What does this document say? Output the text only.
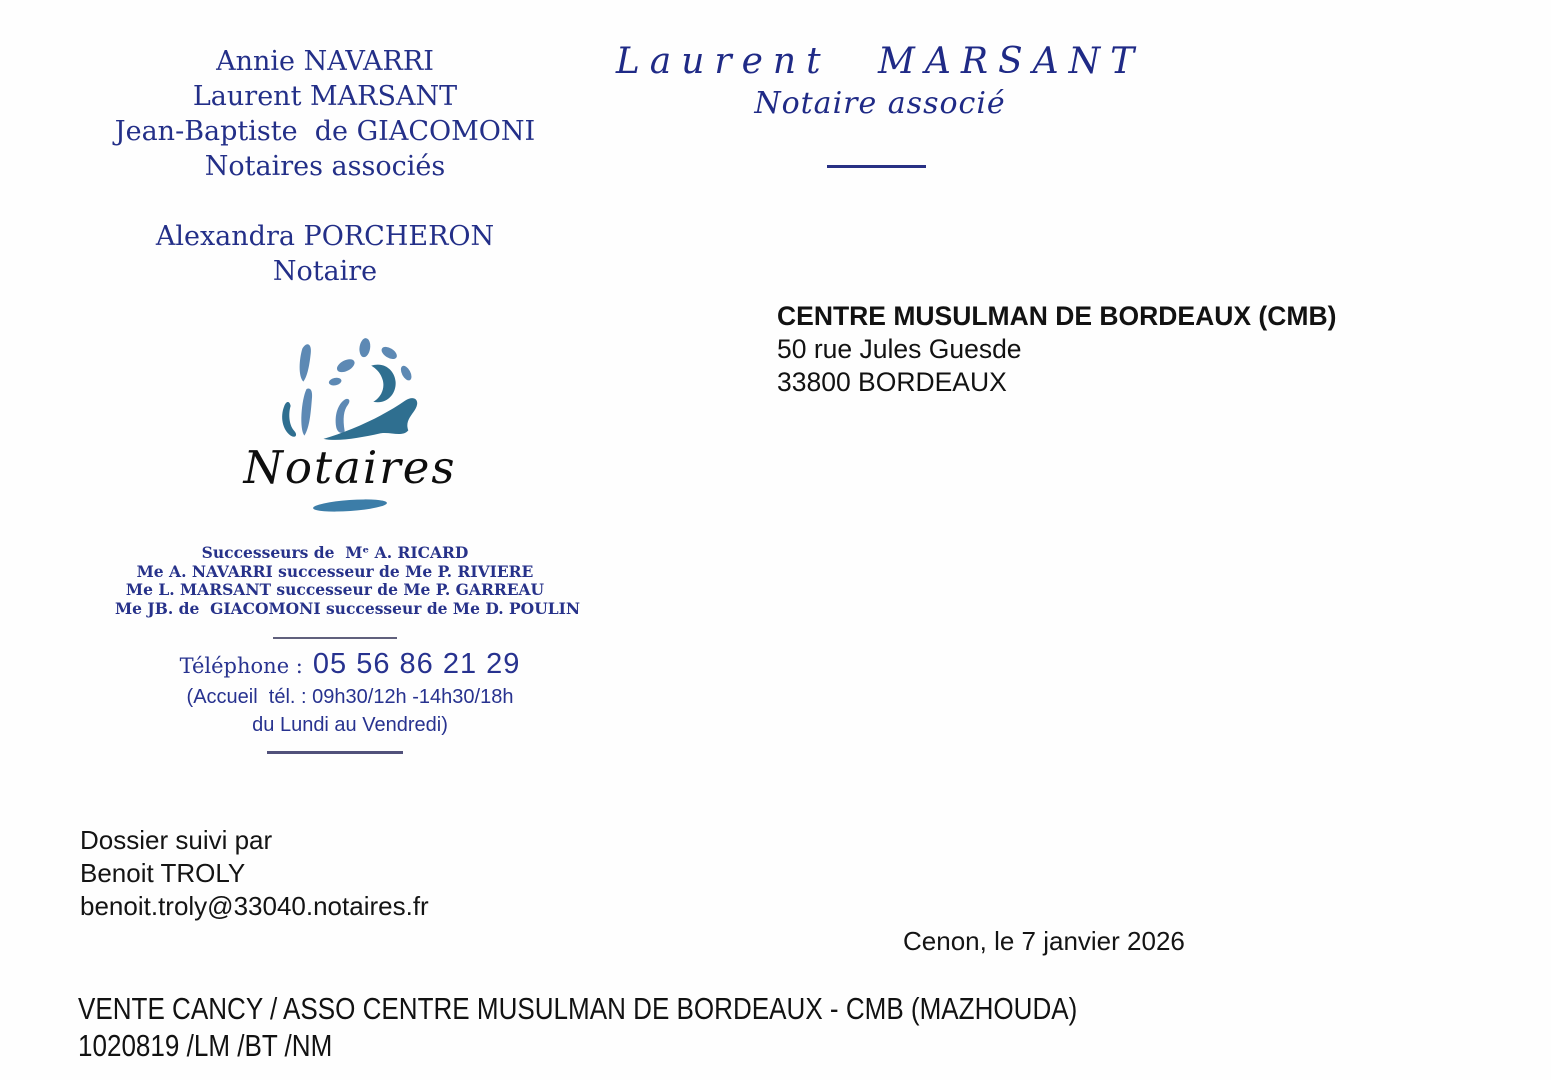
Annie NAVARRI
Laurent MARSANT
Jean-Baptiste  de GIACOMONI
Notaires associés
Alexandra PORCHERON
Notaire
Laurent MARSANT
Notaire associé
CENTRE MUSULMAN DE BORDEAUX (CMB)
50 rue Jules Guesde
33800 BORDEAUX
Notaires
Successeurs de  Mᵉ A. RICARD
Me A. NAVARRI successeur de Me P. RIVIERE
Me L. MARSANT successeur de Me P. GARREAU
Me JB. de  GIACOMONI successeur de Me D. POULIN
Téléphone : 05 56 86 21 29
(Accueil  tél. : 09h30/12h -14h30/18h
du Lundi au Vendredi)
Dossier suivi par
Benoit TROLY
benoit.troly@33040.notaires.fr
Cenon, le 7 janvier 2026
VENTE CANCY / ASSO CENTRE MUSULMAN DE BORDEAUX - CMB (MAZHOUDA)
1020819 /LM /BT /NM
